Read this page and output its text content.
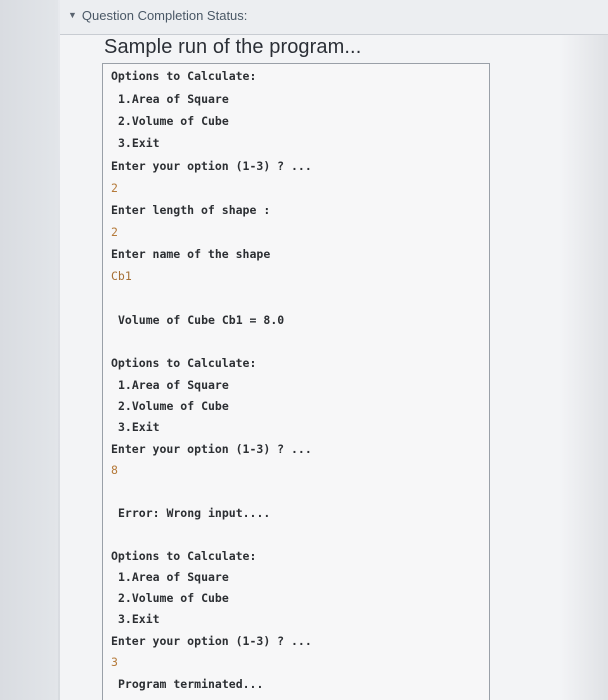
▼ Question Completion Status:
Sample run of the program...
Options to Calculate:
1.Area of Square
2.Volume of Cube
3.Exit
Enter your option (1-3) ? ...
2
Enter length of shape :
2
Enter name of the shape
Cb1
Volume of Cube Cb1 = 8.0
Options to Calculate:
1.Area of Square
2.Volume of Cube
3.Exit
Enter your option (1-3) ? ...
8
Error: Wrong input....
Options to Calculate:
1.Area of Square
2.Volume of Cube
3.Exit
Enter your option (1-3) ? ...
3
Program terminated...
